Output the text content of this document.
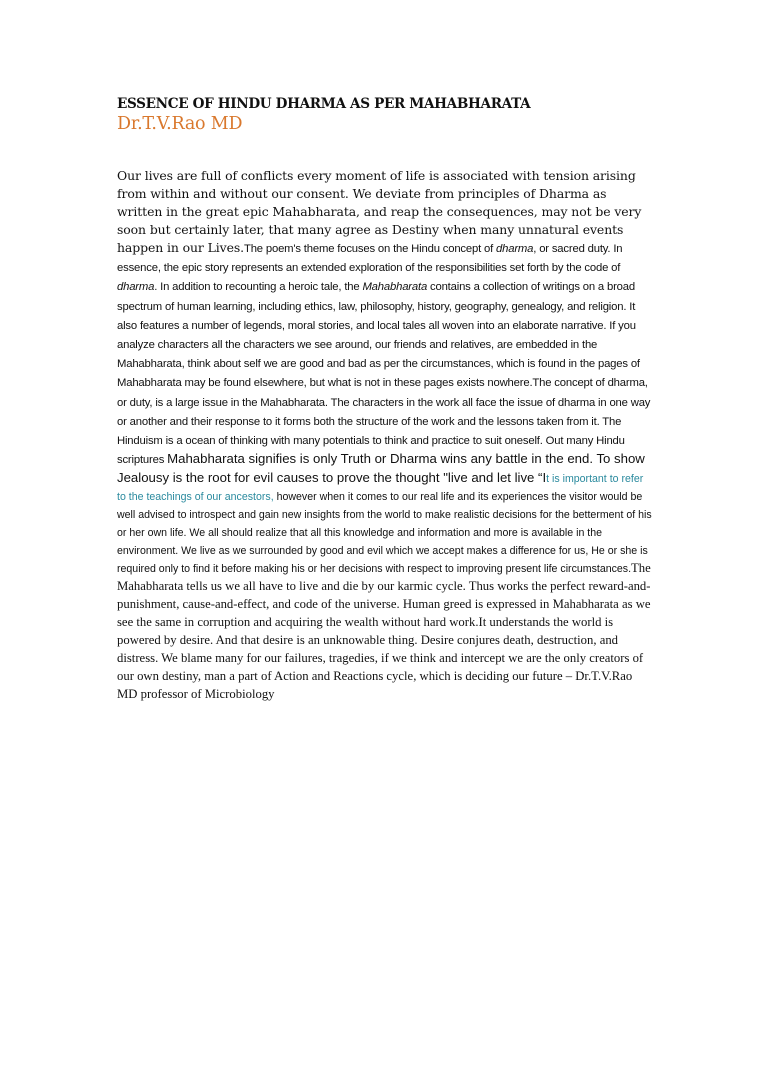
ESSENCE OF HINDU DHARMA AS PER MAHABHARATA
Dr.T.V.Rao MD

Our lives are full of conflicts every moment of life is associated with tension arising from within and without our consent. We deviate from principles of Dharma as written in the great epic Mahabharata, and reap the consequences, may not be very soon but certainly later, that many agree as Destiny when many unnatural events happen in our Lives.The poem's theme focuses on the Hindu concept of dharma, or sacred duty. In essence, the epic story represents an extended exploration of the responsibilities set forth by the code of dharma. In addition to recounting a heroic tale, the Mahabharata contains a collection of writings on a broad spectrum of human learning, including ethics, law, philosophy, history, geography, genealogy, and religion. It also features a number of legends, moral stories, and local tales all woven into an elaborate narrative. If you analyze characters all the characters we see around, our friends and relatives, are embedded in the Mahabharata, think about self we are good and bad as per the circumstances, which is found in the pages of Mahabharata may be found elsewhere, but what is not in these pages exists nowhere.The concept of dharma, or duty, is a large issue in the Mahabharata. The characters in the work all face the issue of dharma in one way or another and their response to it forms both the structure of the work and the lessons taken from it. The Hinduism is a ocean of thinking with many potentials to think and practice to suit oneself. Out many Hindu scriptures Mahabharata signifies is only Truth or Dharma wins any battle in the end. To show Jealousy is the root for evil causes to prove the thought "live and let live “It is important to refer to the teachings of our ancestors, however when it comes to our real life and its experiences the visitor would be well advised to introspect and gain new insights from the world to make realistic decisions for the betterment of his or her own life. We all should realize that all this knowledge and information and more is available in the environment. We live as we surrounded by good and evil which we accept makes a difference for us, He or she is required only to find it before making his or her decisions with respect to improving present life circumstances.The Mahabharata tells us we all have to live and die by our karmic cycle. Thus works the perfect reward-and-punishment, cause-and-effect, and code of the universe. Human greed is expressed in Mahabharata as we see the same in corruption and acquiring the wealth without hard work.It understands the world is powered by desire. And that desire is an unknowable thing. Desire conjures death, destruction, and distress. We blame many for our failures, tragedies, if we think and intercept we are the only creators of our own destiny, man a part of Action and Reactions cycle, which is deciding our future – Dr.T.V.Rao MD professor of Microbiology
